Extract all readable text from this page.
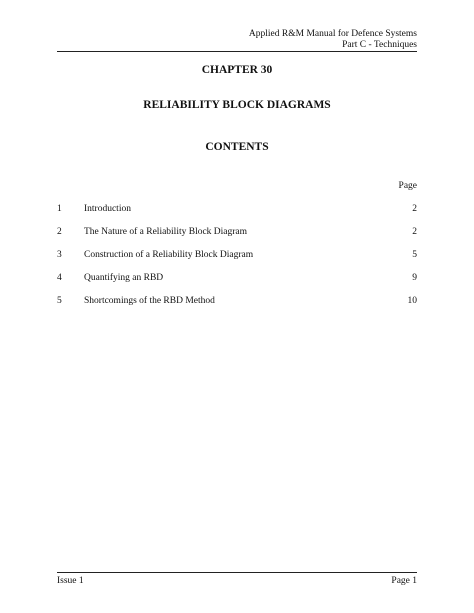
Applied R&M Manual for Defence Systems
Part C - Techniques
CHAPTER 30
RELIABILITY BLOCK DIAGRAMS
CONTENTS
Page
1 Introduction	2
2 The Nature of a Reliability Block Diagram	2
3 Construction of a Reliability Block Diagram	5
4 Quantifying an RBD	9
5 Shortcomings of the RBD Method	10
Issue 1	Page 1
